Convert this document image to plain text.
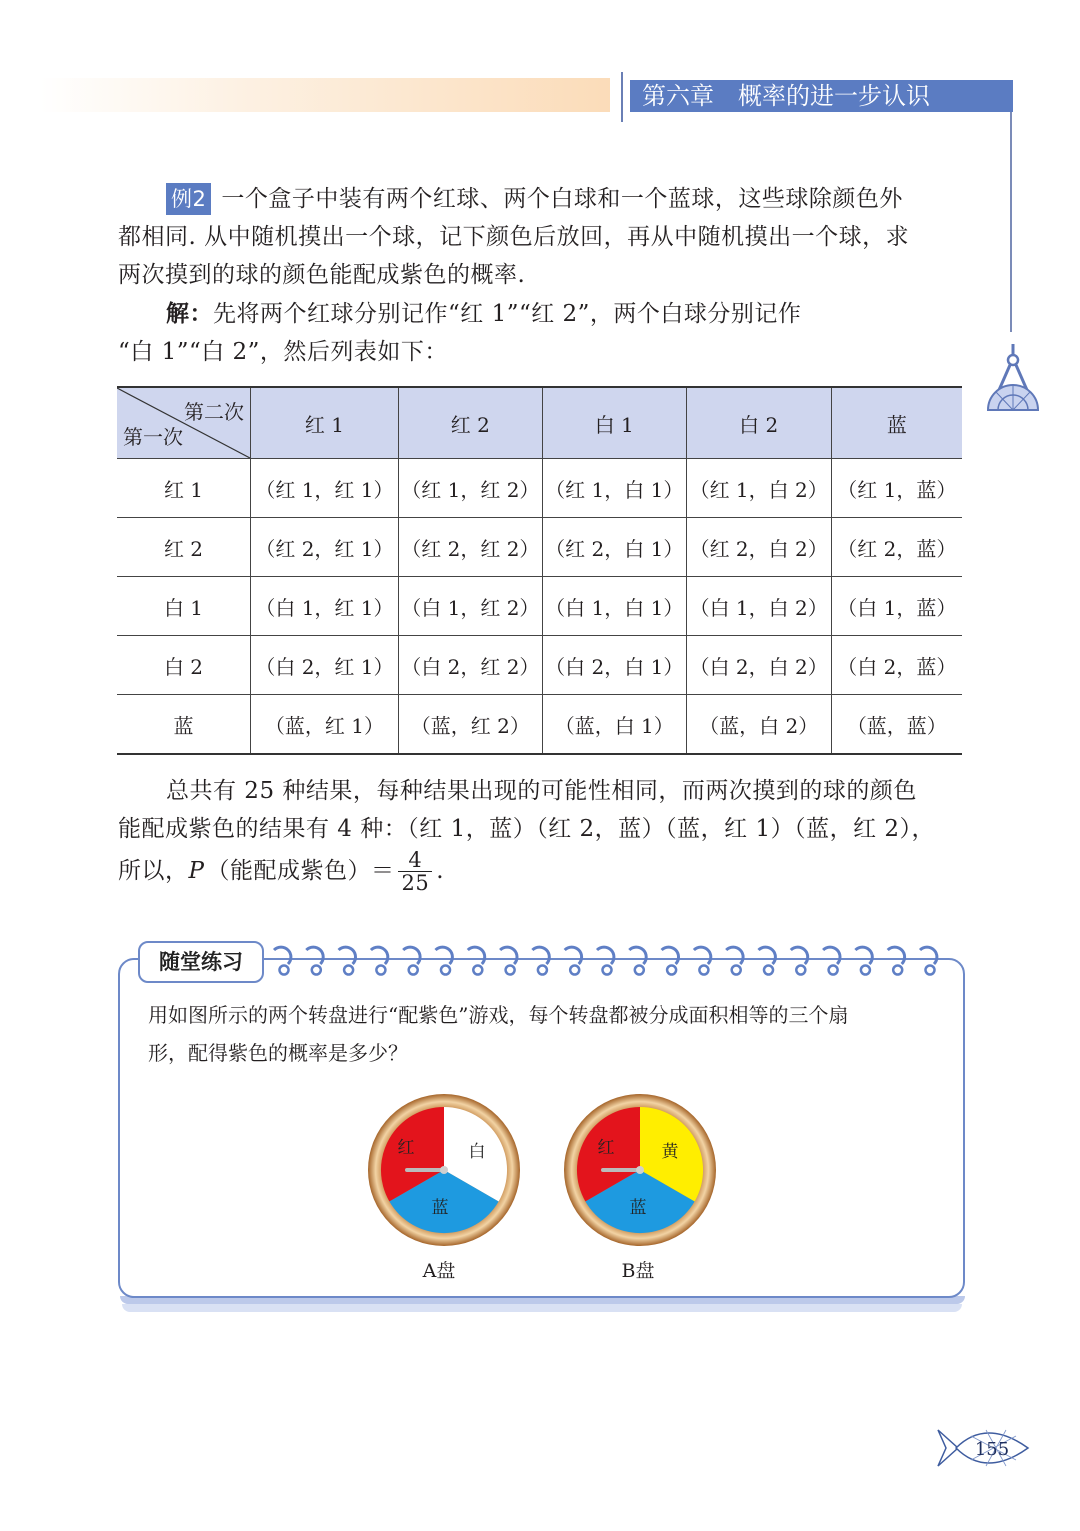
第六章 概率的进一步认识
例2 一个盒子中装有两个红球、两个白球和一个蓝球，这些球除颜色外
都相同. 从中随机摸出一个球，记下颜色后放回，再从中随机摸出一个球，求
两次摸到的球的颜色能配成紫色的概率.
解：先将两个红球分别记作“红 1”“红 2”，两个白球分别记作
“白 1”“白 2”，然后列表如下：
第二次
第一次	红 1	红 2	白 1	白 2	蓝
红 1	（红 1，红 1）	（红 1，红 2）	（红 1，白 1）	（红 1，白 2）	（红 1，蓝）
红 2	（红 2，红 1）	（红 2，红 2）	（红 2，白 1）	（红 2，白 2）	（红 2，蓝）
白 1	（白 1，红 1）	（白 1，红 2）	（白 1，白 1）	（白 1，白 2）	（白 1，蓝）
白 2	（白 2，红 1）	（白 2，红 2）	（白 2，白 1）	（白 2，白 2）	（白 2，蓝）
蓝	（蓝，红 1）	（蓝，红 2）	（蓝，白 1）	（蓝，白 2）	（蓝，蓝）
总共有 25 种结果，每种结果出现的可能性相同，而两次摸到的球的颜色
能配成紫色的结果有 4 种：（红 1，蓝）（红 2，蓝）（蓝，红 1）（蓝，红 2），
所以， P （能配成紫色）＝ $\frac{4}{25}$ .
随堂练习
用如图所示的两个转盘进行“配紫色”游戏，每个转盘都被分成面积相等的三个扇
形，配得紫色的概率是多少？
红	白
蓝
A盘
红	黄
蓝
B盘
155
